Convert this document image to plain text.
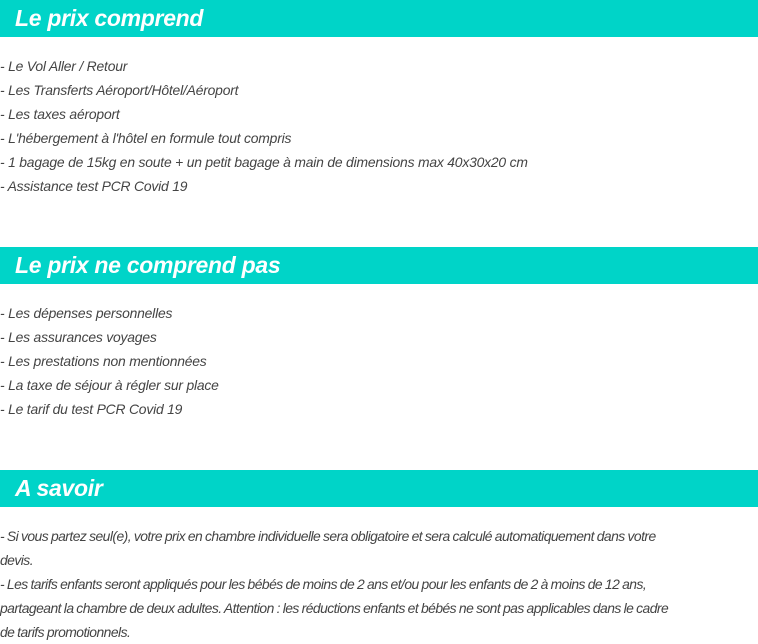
Le prix comprend
- Le Vol Aller / Retour
- Les Transferts Aéroport/Hôtel/Aéroport
- Les taxes aéroport
- L'hébergement à l'hôtel en formule tout compris
- 1 bagage de 15kg en soute + un petit bagage à main de dimensions max 40x30x20 cm
- Assistance test PCR Covid 19
Le prix ne comprend pas
- Les dépenses personnelles
- Les assurances voyages
- Les prestations non mentionnées
- La taxe de séjour à régler sur place
- Le tarif du test PCR Covid 19
A savoir
- Si vous partez seul(e), votre prix en chambre individuelle sera obligatoire et sera calculé automatiquement dans votre
devis.
- Les tarifs enfants seront appliqués pour les bébés de moins de 2 ans et/ou pour les enfants de 2 à moins de 12 ans,
partageant la chambre de deux adultes. Attention : les réductions enfants et bébés ne sont pas applicables dans le cadre
de tarifs promotionnels.
